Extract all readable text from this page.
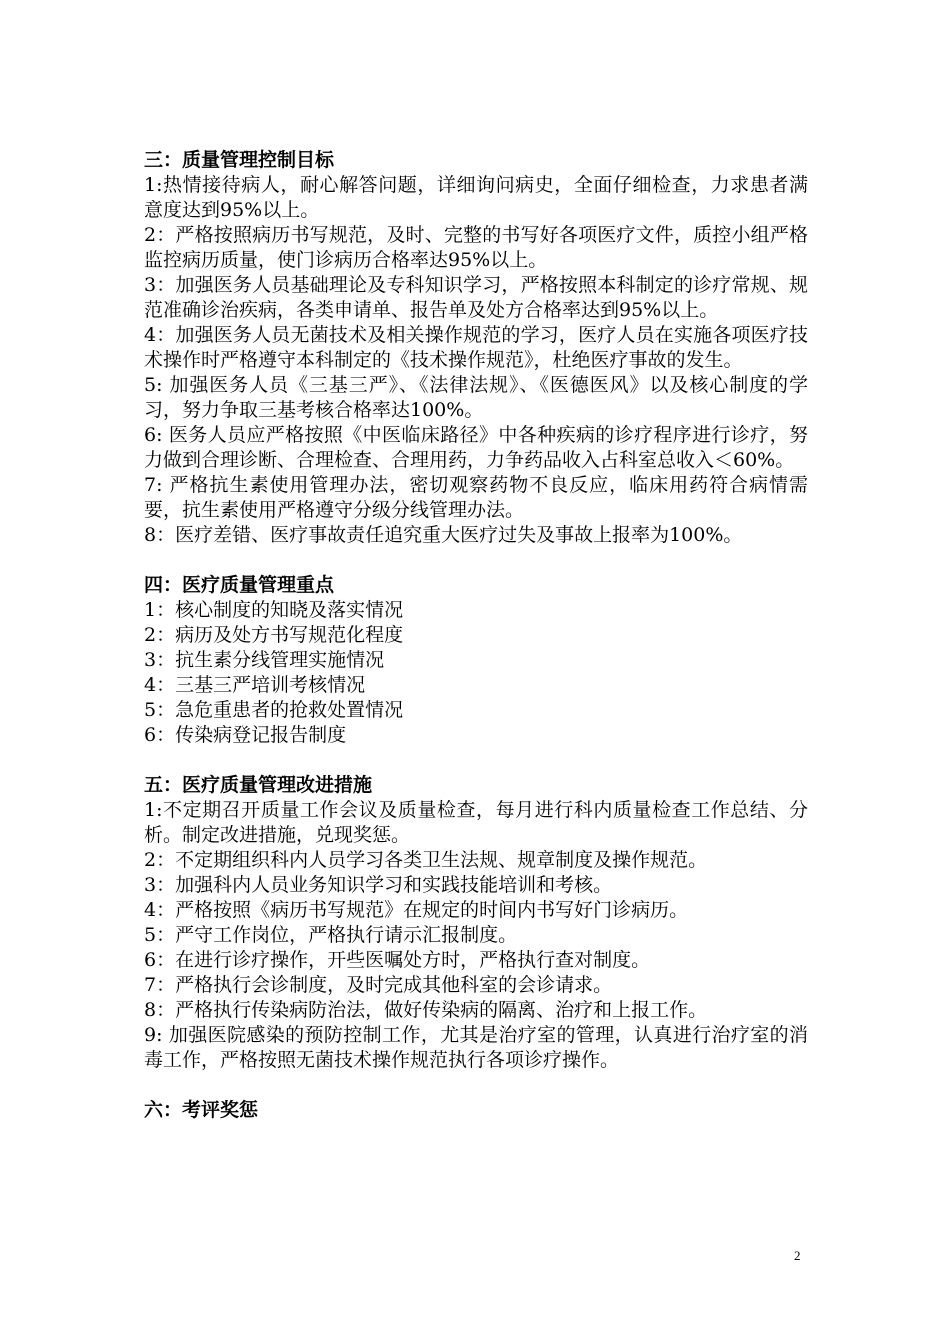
三：质量管理控制目标
1:热情接待病人，耐心解答问题，详细询问病史，全面仔细检查，力求患者满意度达到95%以上。
2：严格按照病历书写规范，及时、完整的书写好各项医疗文件，质控小组严格监控病历质量，使门诊病历合格率达95%以上。
3：加强医务人员基础理论及专科知识学习，严格按照本科制定的诊疗常规、规范准确诊治疾病，各类申请单、报告单及处方合格率达到95%以上。
4：加强医务人员无菌技术及相关操作规范的学习，医疗人员在实施各项医疗技术操作时严格遵守本科制定的《技术操作规范》，杜绝医疗事故的发生。
5: 加强医务人员《三基三严》、《法律法规》、《医德医风》以及核心制度的学习，努力争取三基考核合格率达100%。
6: 医务人员应严格按照《中医临床路径》中各种疾病的诊疗程序进行诊疗，努力做到合理诊断、合理检查、合理用药，力争药品收入占科室总收入＜60%。
7: 严格抗生素使用管理办法，密切观察药物不良反应，临床用药符合病情需要，抗生素使用严格遵守分级分线管理办法。
8：医疗差错、医疗事故责任追究重大医疗过失及事故上报率为100%。
四：医疗质量管理重点
1：核心制度的知晓及落实情况
2：病历及处方书写规范化程度
3：抗生素分线管理实施情况
4：三基三严培训考核情况
5：急危重患者的抢救处置情况
6：传染病登记报告制度
五：医疗质量管理改进措施
1:不定期召开质量工作会议及质量检查，每月进行科内质量检查工作总结、分析。制定改进措施，兑现奖惩。
2：不定期组织科内人员学习各类卫生法规、规章制度及操作规范。
3：加强科内人员业务知识学习和实践技能培训和考核。
4：严格按照《病历书写规范》在规定的时间内书写好门诊病历。
5：严守工作岗位，严格执行请示汇报制度。
6：在进行诊疗操作，开些医嘱处方时，严格执行查对制度。
7：严格执行会诊制度，及时完成其他科室的会诊请求。
8：严格执行传染病防治法，做好传染病的隔离、治疗和上报工作。
9: 加强医院感染的预防控制工作，尤其是治疗室的管理，认真进行治疗室的消毒工作，严格按照无菌技术操作规范执行各项诊疗操作。
六：考评奖惩
2
